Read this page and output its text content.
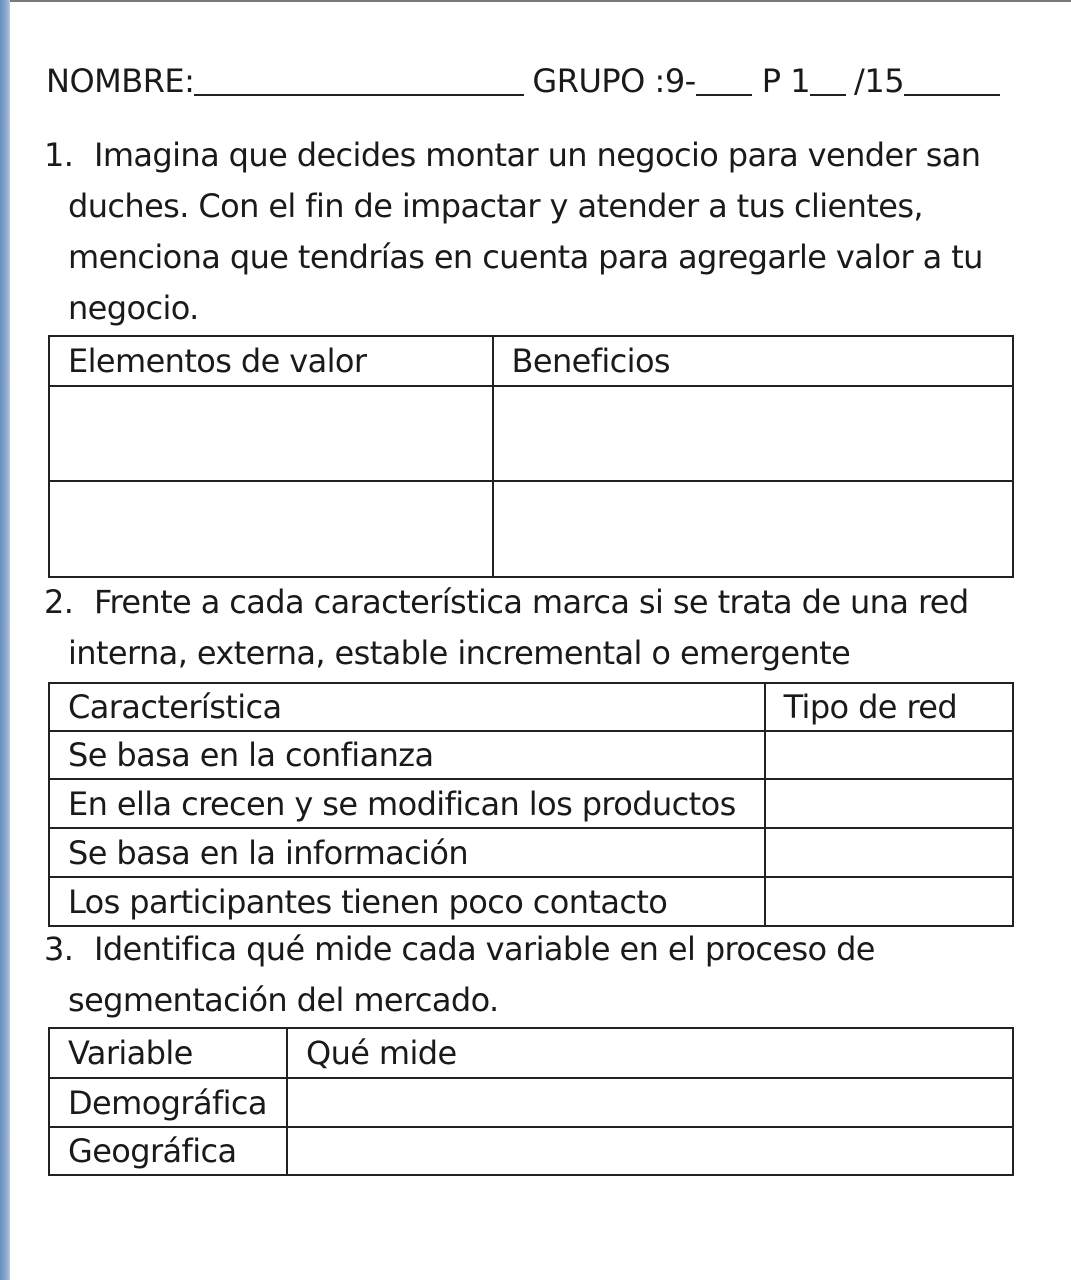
NOMBRE:	GRUPO :9- P 1 /15
1. Imagina que decides montar un negocio para vender san
duches. Con el fin de impactar y atender a tus clientes,
menciona que tendrías en cuenta para agregarle valor a tu
negocio.
Elementos de valor	Beneficios

2. Frente a cada característica marca si se trata de una red
interna, externa, estable incremental o emergente
Característica	Tipo de red
Se basa en la confianza	
En ella crecen y se modifican los productos	
Se basa en la información	
Los participantes tienen poco contacto	
3. Identifica qué mide cada variable en el proceso de
segmentación del mercado.
Variable	Qué mide
Demográfica	
Geográfica	
